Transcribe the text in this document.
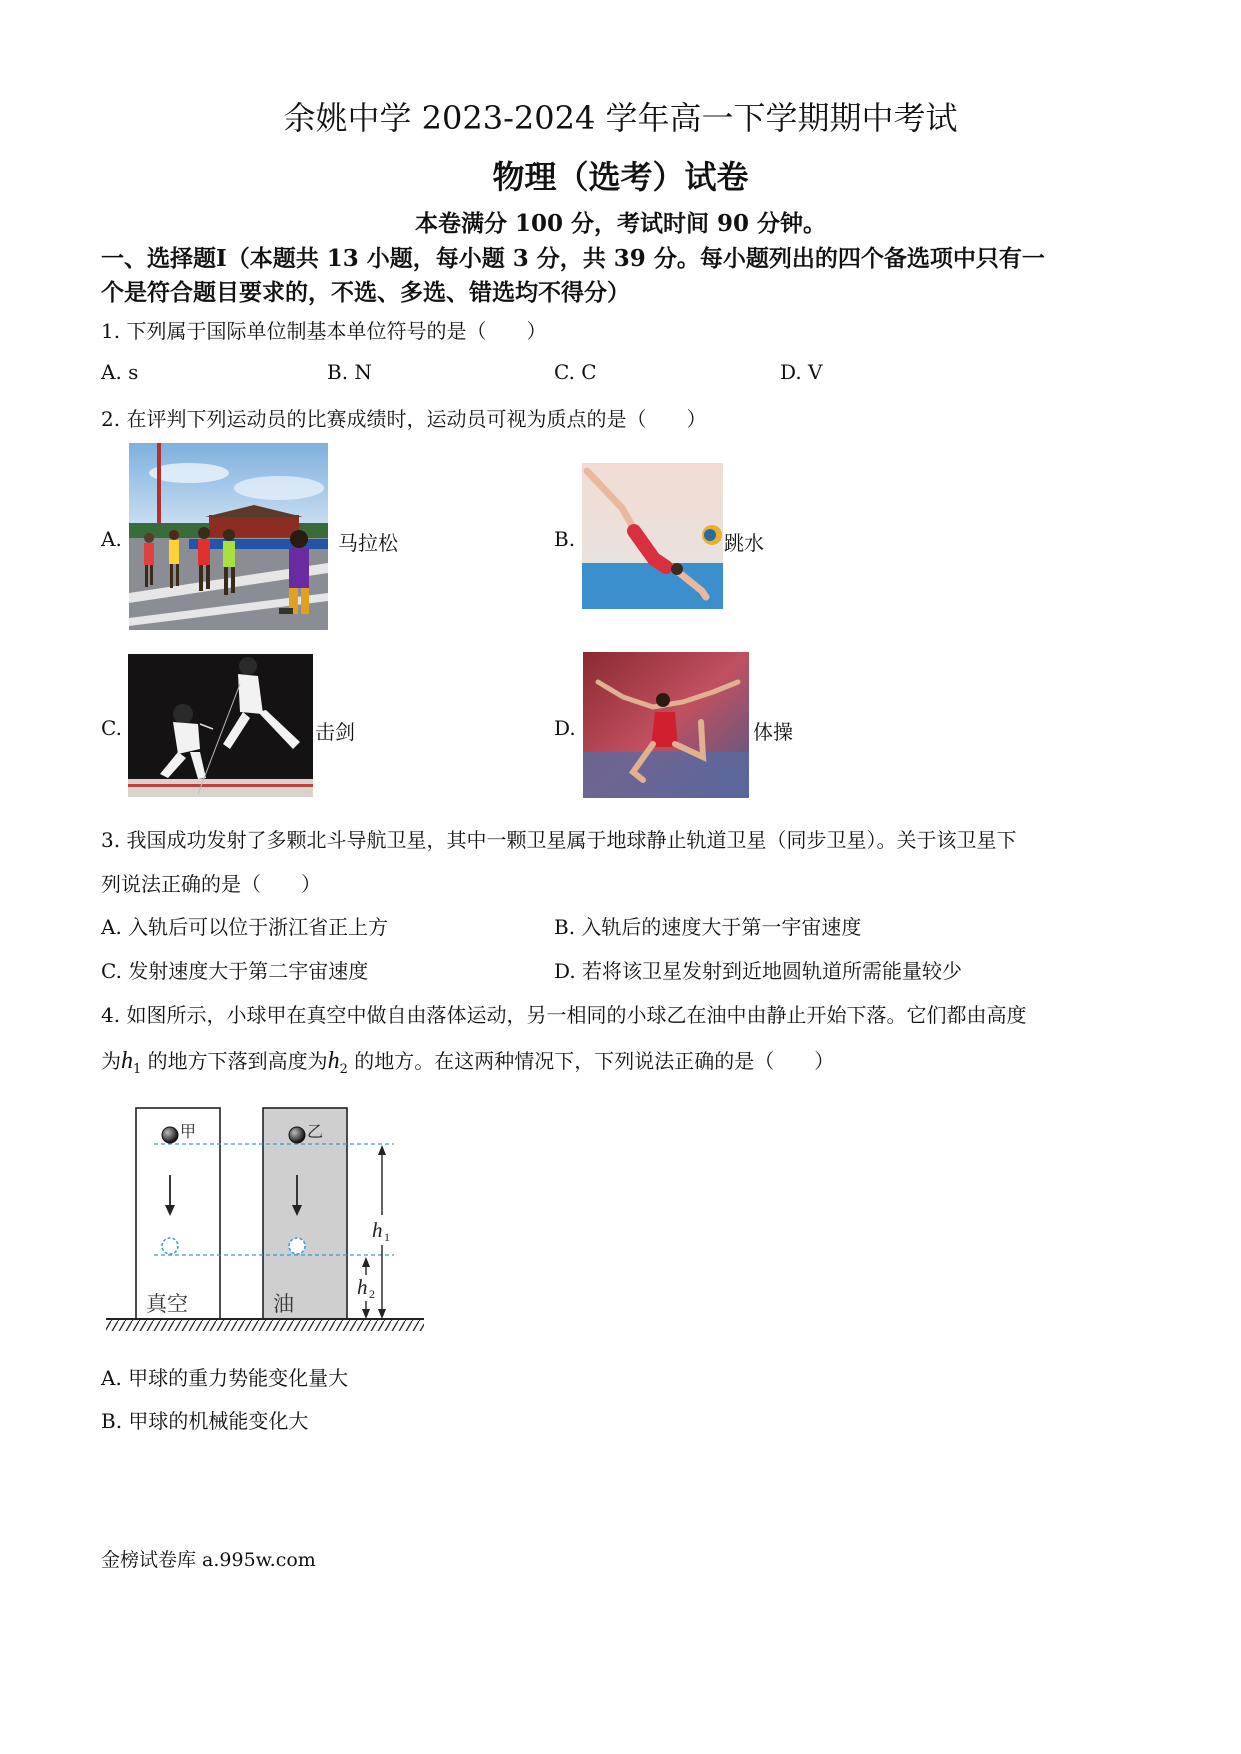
余姚中学 2023-2024 学年高一下学期期中考试
物理（选考）试卷
本卷满分 100 分，考试时间 90 分钟。
一、选择题Ⅰ（本题共 13 小题，每小题 3 分，共 39 分。每小题列出的四个备选项中只有一
个是符合题目要求的，不选、多选、错选均不得分）
1. 下列属于国际单位制基本单位符号的是（　　）
A. s	B. N	C. C	D. V
2. 在评判下列运动员的比赛成绩时，运动员可视为质点的是（　　）
A.	马拉松	B.	跳水
C.	击剑	D.	体操
3. 我国成功发射了多颗北斗导航卫星，其中一颗卫星属于地球静止轨道卫星（同步卫星）。关于该卫星下
列说法正确的是（　　）
A. 入轨后可以位于浙江省正上方	B. 入轨后的速度大于第一宇宙速度
C. 发射速度大于第二宇宙速度	D. 若将该卫星发射到近地圆轨道所需能量较少
4. 如图所示，小球甲在真空中做自由落体运动，另一相同的小球乙在油中由静止开始下落。它们都由高度
为$h_1$ 的地方下落到高度为$h_2$ 的地方。在这两种情况下，下列说法正确的是（　　）
甲	乙
真空	油
h 1
h 2
A. 甲球的重力势能变化量大
B. 甲球的机械能变化大
金榜试卷库 a.995w.com
